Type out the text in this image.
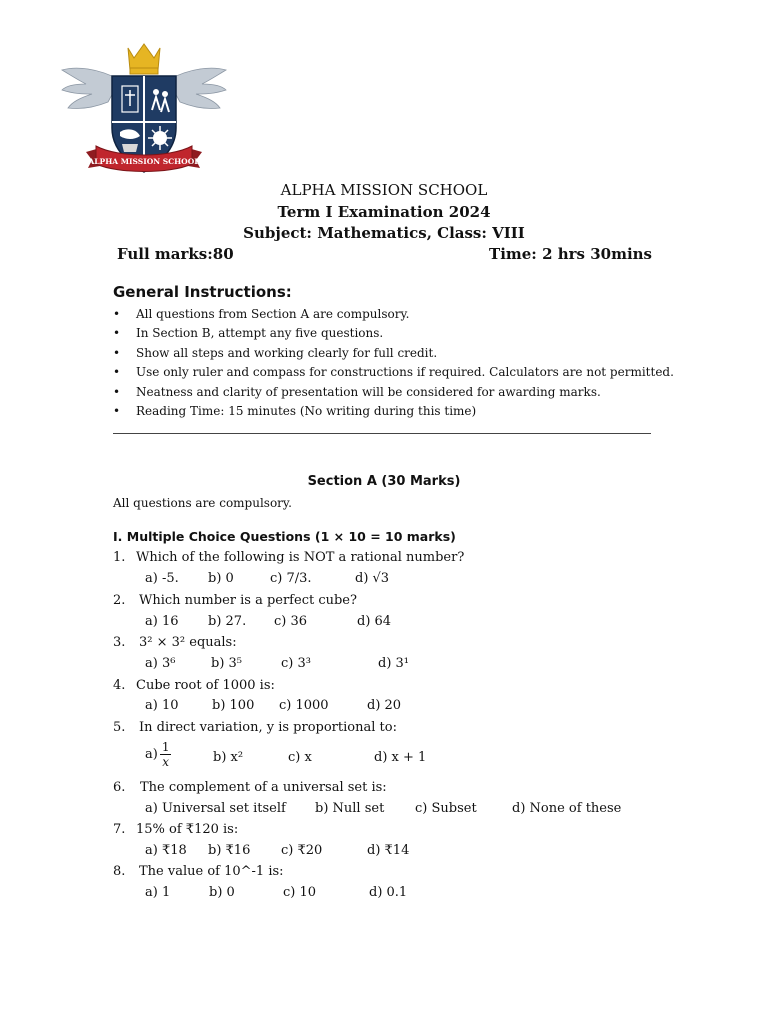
ALPHA MISSION SCHOOL
ALPHA MISSION SCHOOL
Term I Examination 2024
Subject: Mathematics, Class: VIII
Full marks:80	Time: 2 hrs 30mins
General Instructions:
• All questions from Section A are compulsory.
• In Section B, attempt any five questions.
• Show all steps and working clearly for full credit.
• Use only ruler and compass for constructions if required. Calculators are not permitted.
• Neatness and clarity of presentation will be considered for awarding marks.
• Reading Time: 15 minutes (No writing during this time)
Section A (30 Marks)
All questions are compulsory.
I. Multiple Choice Questions (1 × 10 = 10 marks)
1. Which of the following is NOT a rational number?
a) -5. b) 0	c) 7/3.	d) √3
2. Which number is a perfect cube?
a) 16 b) 27. c) 36	d) 64
3. 3² × 3² equals:
a) 3⁶	b) 3⁵	c) 3³	d) 3¹
4. Cube root of 1000 is:
a) 10	b) 100 c) 1000	d) 20
5. In direct variation, y is proportional to:
$a) \frac{1}{x}$	b) x²	c) x	d) x + 1
6. The complement of a universal set is:
a) Universal set itself b) Null set c) Subset	d) None of these
7. 15% of ₹120 is:
a) ₹18 b) ₹16 c) ₹20	d) ₹14
8. The value of 10^-1 is:
a) 1	b) 0	c) 10	d) 0.1
